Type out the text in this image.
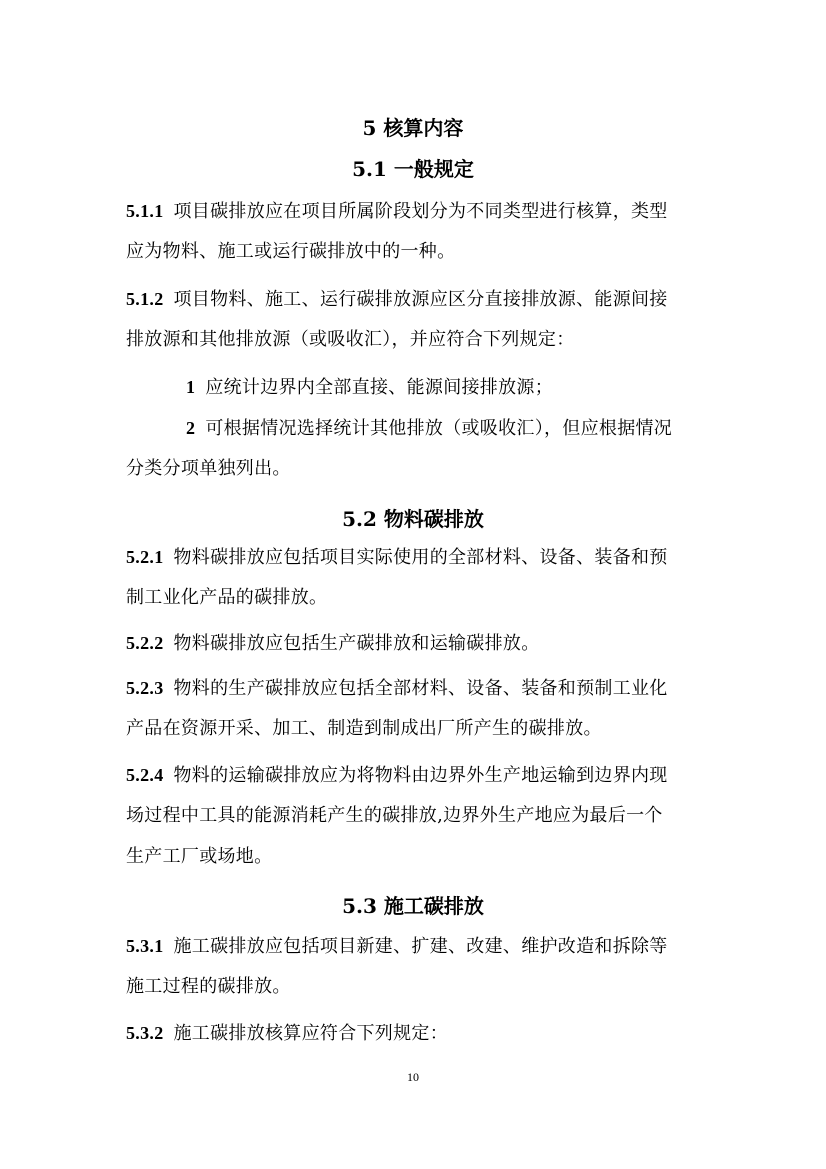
5 核算内容
5.1 一般规定
5.1.1 项目碳排放应在项目所属阶段划分为不同类型进行核算，类型
应为物料、施工或运行碳排放中的一种。
5.1.2 项目物料、施工、运行碳排放源应区分直接排放源、能源间接
排放源和其他排放源（或吸收汇），并应符合下列规定：
1 应统计边界内全部直接、能源间接排放源；
2 可根据情况选择统计其他排放（或吸收汇），但应根据情况
分类分项单独列出。
5.2 物料碳排放
5.2.1 物料碳排放应包括项目实际使用的全部材料、设备、装备和预
制工业化产品的碳排放。
5.2.2 物料碳排放应包括生产碳排放和运输碳排放。
5.2.3 物料的生产碳排放应包括全部材料、设备、装备和预制工业化
产品在资源开采、加工、制造到制成出厂所产生的碳排放。
5.2.4 物料的运输碳排放应为将物料由边界外生产地运输到边界内现
场过程中工具的能源消耗产生的碳排放,边界外生产地应为最后一个
生产工厂或场地。
5.3 施工碳排放
5.3.1 施工碳排放应包括项目新建、扩建、改建、维护改造和拆除等
施工过程的碳排放。
5.3.2 施工碳排放核算应符合下列规定：
10
